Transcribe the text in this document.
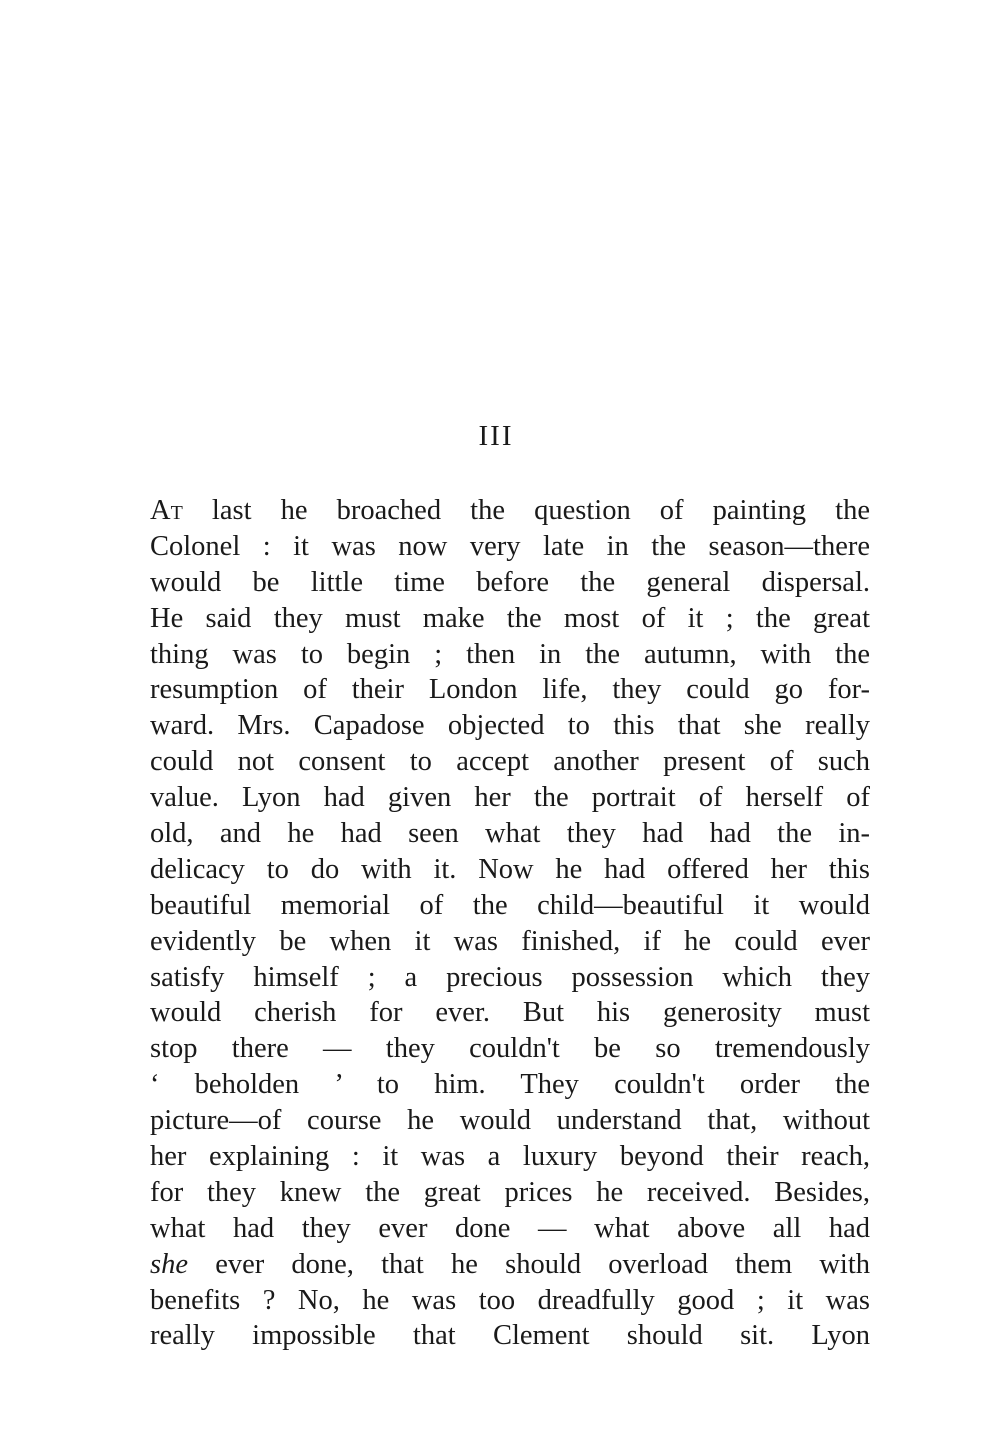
III
At last he broached the question of painting the
Colonel : it was now very late in the season—there
would be little time before the general dispersal.
He said they must make the most of it ; the great
thing was to begin ; then in the autumn, with the
resumption of their London life, they could go for-
ward. Mrs. Capadose objected to this that she really
could not consent to accept another present of such
value. Lyon had given her the portrait of herself of
old, and he had seen what they had had the in-
delicacy to do with it. Now he had offered her this
beautiful memorial of the child—beautiful it would
evidently be when it was finished, if he could ever
satisfy himself ; a precious possession which they
would cherish for ever. But his generosity must
stop there — they couldn't be so tremendously
‘ beholden ’ to him. They couldn't order the
picture—of course he would understand that, without
her explaining : it was a luxury beyond their reach,
for they knew the great prices he received. Besides,
what had they ever done — what above all had
she ever done, that he should overload them with
benefits ? No, he was too dreadfully good ; it was
really impossible that Clement should sit. Lyon
